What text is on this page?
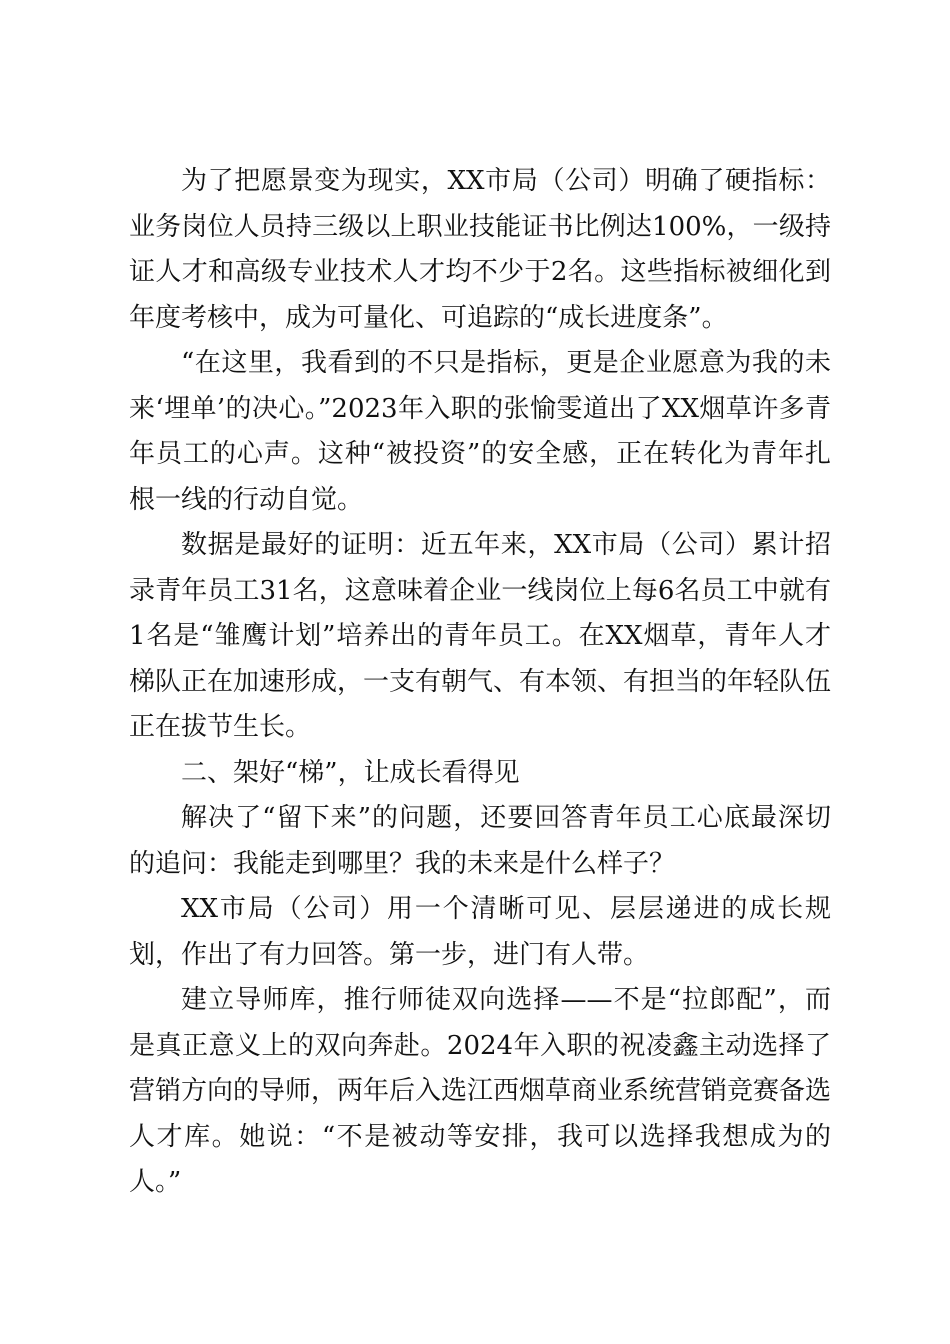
为了把愿景变为现实，XX市局（公司）明确了硬指标：业务岗位人员持三级以上职业技能证书比例达100%，一级持证人才和高级专业技术人才均不少于2名。这些指标被细化到年度考核中，成为可量化、可追踪的“成长进度条”。

“在这里，我看到的不只是指标，更是企业愿意为我的未来‘埋单’的决心。”2023年入职的张愉雯道出了XX烟草许多青年员工的心声。这种“被投资”的安全感，正在转化为青年扎根一线的行动自觉。

数据是最好的证明：近五年来，XX市局（公司）累计招录青年员工31名，这意味着企业一线岗位上每6名员工中就有1名是“雏鹰计划”培养出的青年员工。在XX烟草，青年人才梯队正在加速形成，一支有朝气、有本领、有担当的年轻队伍正在拔节生长。

二、架好“梯”，让成长看得见

解决了“留下来”的问题，还要回答青年员工心底最深切的追问：我能走到哪里？我的未来是什么样子？

XX市局（公司）用一个清晰可见、层层递进的成长规划，作出了有力回答。第一步，进门有人带。

建立导师库，推行师徒双向选择——不是“拉郎配”，而是真正意义上的双向奔赴。2024年入职的祝凌鑫主动选择了营销方向的导师，两年后入选江西烟草商业系统营销竞赛备选人才库。她说：“不是被动等安排，我可以选择我想成为的人。”
